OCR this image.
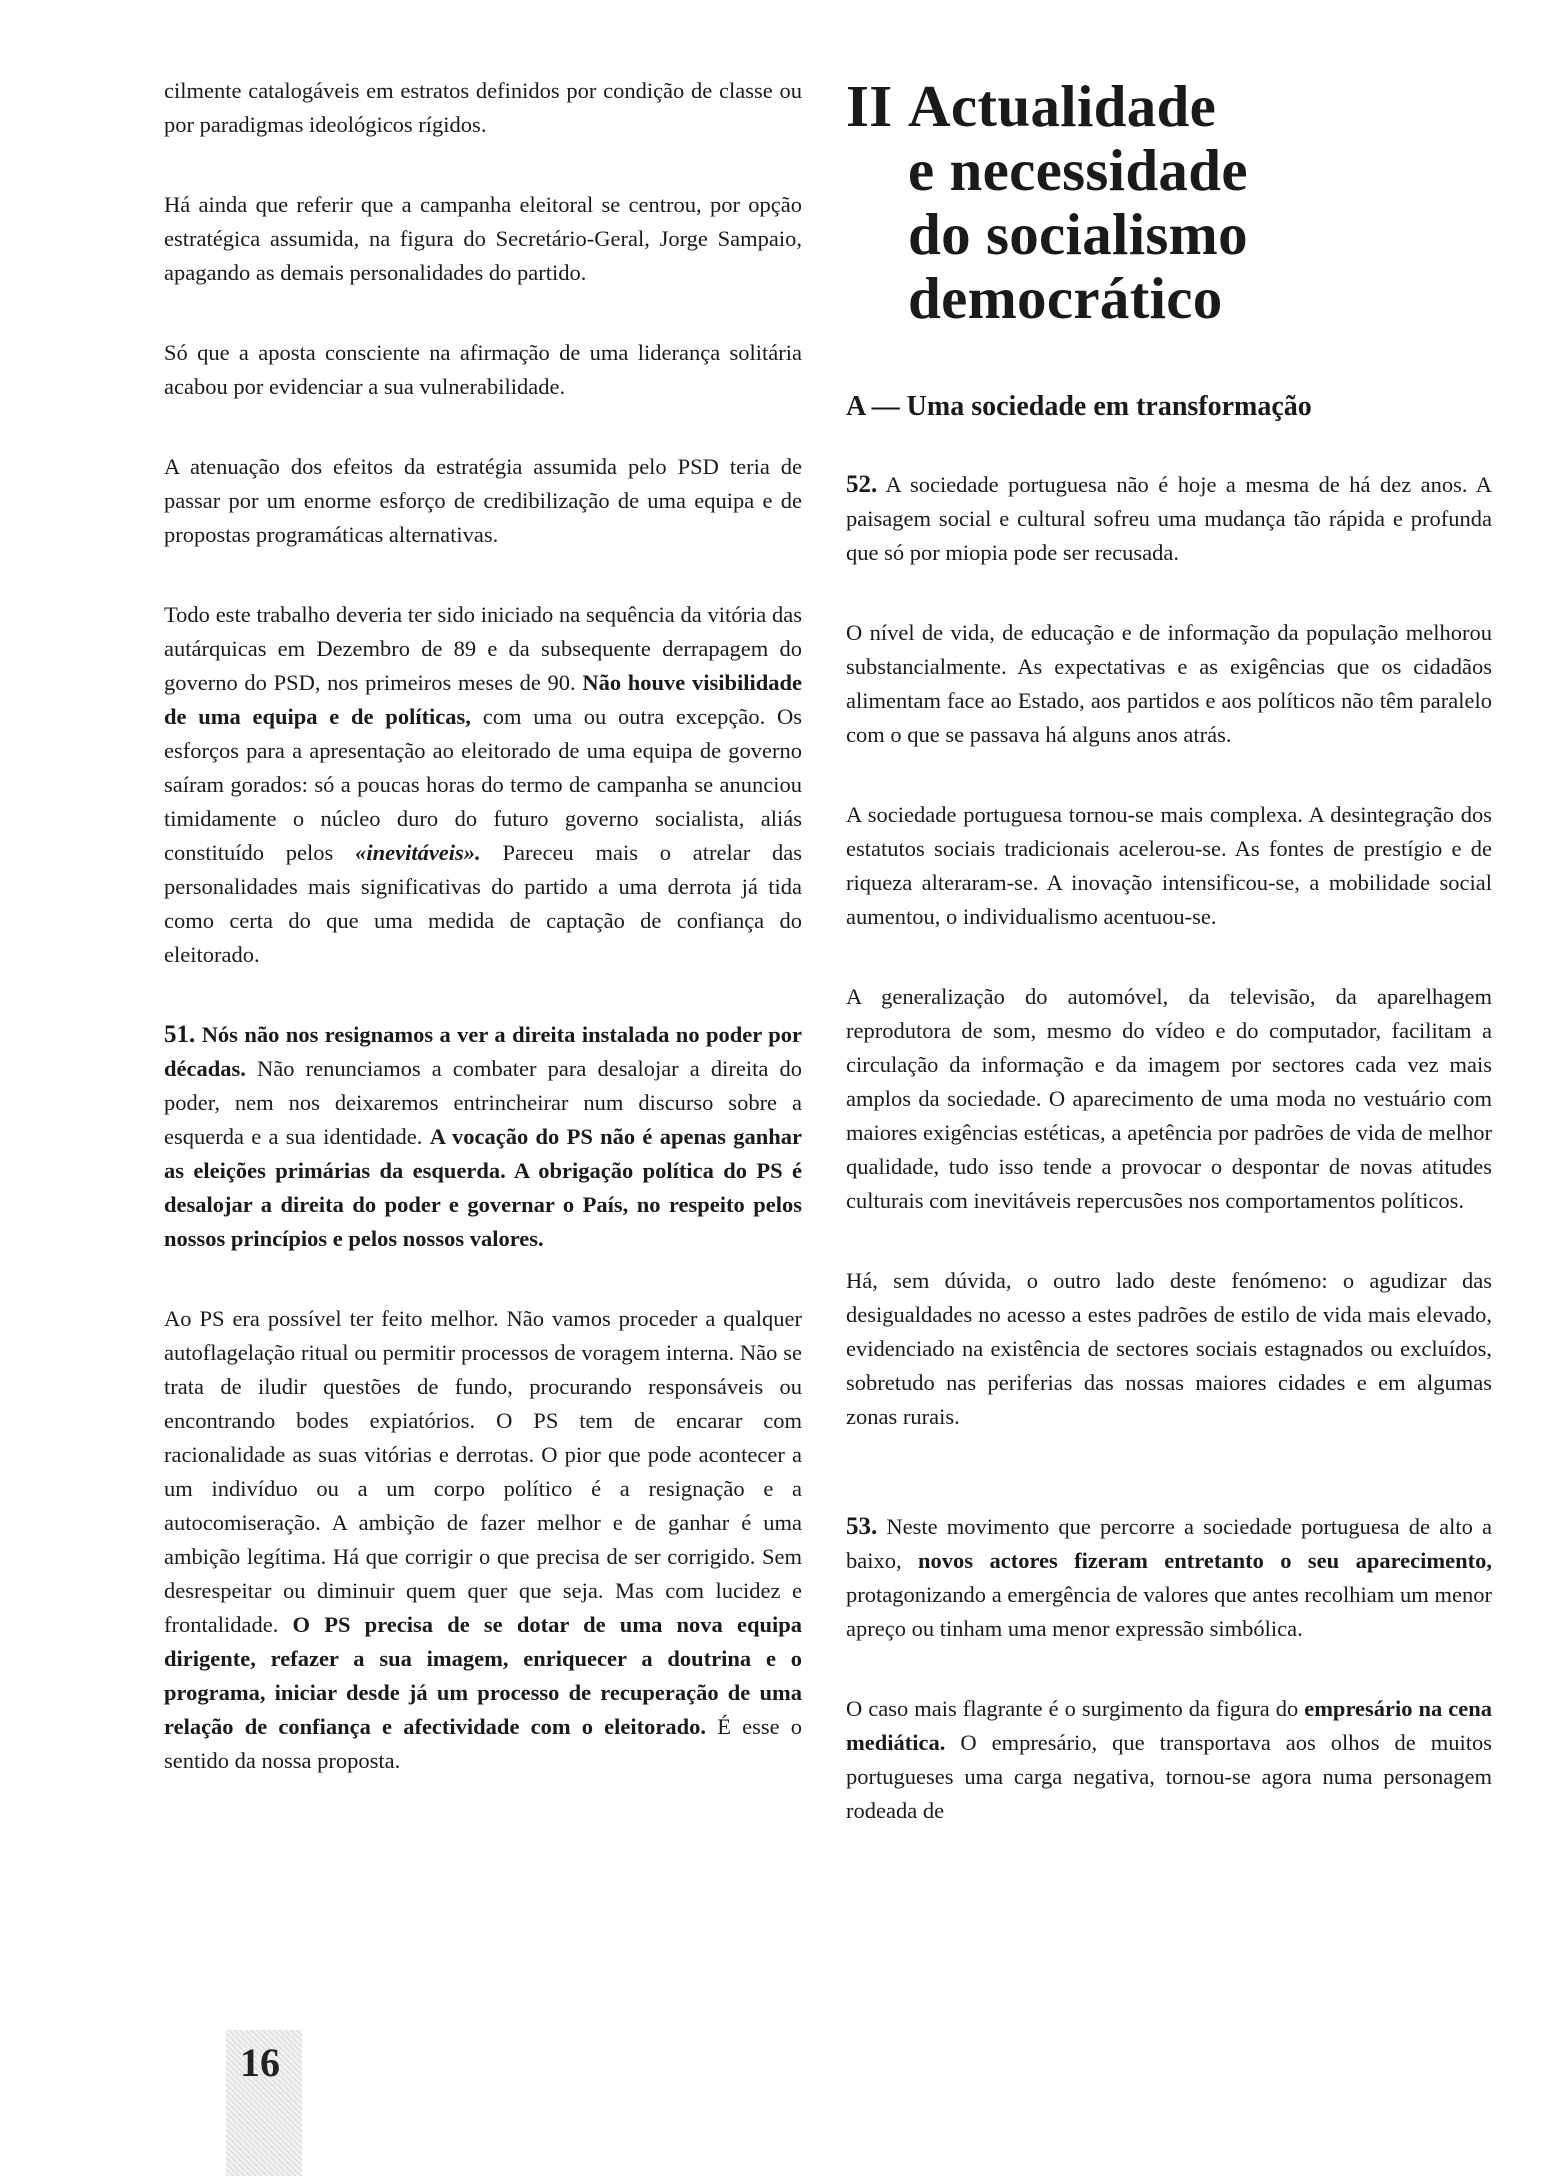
cilmente catalogáveis em estratos definidos por condição de classe ou por paradigmas ideológicos rígidos.

Há ainda que referir que a campanha eleitoral se centrou, por opção estratégica assumida, na figura do Secretário-Geral, Jorge Sampaio, apagando as demais personalidades do partido.

Só que a aposta consciente na afirmação de uma liderança solitária acabou por evidenciar a sua vulnerabilidade.

A atenuação dos efeitos da estratégia assumida pelo PSD teria de passar por um enorme esforço de credibilização de uma equipa e de propostas programáticas alternativas.

Todo este trabalho deveria ter sido iniciado na sequência da vitória das autárquicas em Dezembro de 89 e da subsequente derrapagem do governo do PSD, nos primeiros meses de 90. Não houve visibilidade de uma equipa e de políticas, com uma ou outra excepção. Os esforços para a apresentação ao eleitorado de uma equipa de governo saíram gorados: só a poucas horas do termo de campanha se anunciou timidamente o núcleo duro do futuro governo socialista, aliás constituído pelos «inevitáveis». Pareceu mais o atrelar das personalidades mais significativas do partido a uma derrota já tida como certa do que uma medida de captação de confiança do eleitorado.

51. Nós não nos resignamos a ver a direita instalada no poder por décadas. Não renunciamos a combater para desalojar a direita do poder, nem nos deixaremos entrincheirar num discurso sobre a esquerda e a sua identidade. A vocação do PS não é apenas ganhar as eleições primárias da esquerda. A obrigação política do PS é desalojar a direita do poder e governar o País, no respeito pelos nossos princípios e pelos nossos valores.

Ao PS era possível ter feito melhor. Não vamos proceder a qualquer autoflagelação ritual ou permitir processos de voragem interna. Não se trata de iludir questões de fundo, procurando responsáveis ou encontrando bodes expiatórios. O PS tem de encarar com racionalidade as suas vitórias e derrotas. O pior que pode acontecer a um indivíduo ou a um corpo político é a resignação e a autocomiseração. A ambição de fazer melhor e de ganhar é uma ambição legítima. Há que corrigir o que precisa de ser corrigido. Sem desrespeitar ou diminuir quem quer que seja. Mas com lucidez e frontalidade. O PS precisa de se dotar de uma nova equipa dirigente, refazer a sua imagem, enriquecer a doutrina e o programa, iniciar desde já um processo de recuperação de uma relação de confiança e afectividade com o eleitorado. É esse o sentido da nossa proposta.

II Actualidade
e necessidade
do socialismo
democrático
A — Uma sociedade em transformação

52. A sociedade portuguesa não é hoje a mesma de há dez anos. A paisagem social e cultural sofreu uma mudança tão rápida e profunda que só por miopia pode ser recusada.

O nível de vida, de educação e de informação da população melhorou substancialmente. As expectativas e as exigências que os cidadãos alimentam face ao Estado, aos partidos e aos políticos não têm paralelo com o que se passava há alguns anos atrás.

A sociedade portuguesa tornou-se mais complexa. A desintegração dos estatutos sociais tradicionais acelerou-se. As fontes de prestígio e de riqueza alteraram-se. A inovação intensificou-se, a mobilidade social aumentou, o individualismo acentuou-se.

A generalização do automóvel, da televisão, da aparelhagem reprodutora de som, mesmo do vídeo e do computador, facilitam a circulação da informação e da imagem por sectores cada vez mais amplos da sociedade. O aparecimento de uma moda no vestuário com maiores exigências estéticas, a apetência por padrões de vida de melhor qualidade, tudo isso tende a provocar o despontar de novas atitudes culturais com inevitáveis repercusões nos comportamentos políticos.

Há, sem dúvida, o outro lado deste fenómeno: o agudizar das desigualdades no acesso a estes padrões de estilo de vida mais elevado, evidenciado na existência de sectores sociais estagnados ou excluídos, sobretudo nas periferias das nossas maiores cidades e em algumas zonas rurais.

53. Neste movimento que percorre a sociedade portuguesa de alto a baixo, novos actores fizeram entretanto o seu aparecimento, protagonizando a emergência de valores que antes recolhiam um menor apreço ou tinham uma menor expressão simbólica.

O caso mais flagrante é o surgimento da figura do empresário na cena mediática. O empresário, que transportava aos olhos de muitos portugueses uma carga negativa, tornou-se agora numa personagem rodeada de

16
